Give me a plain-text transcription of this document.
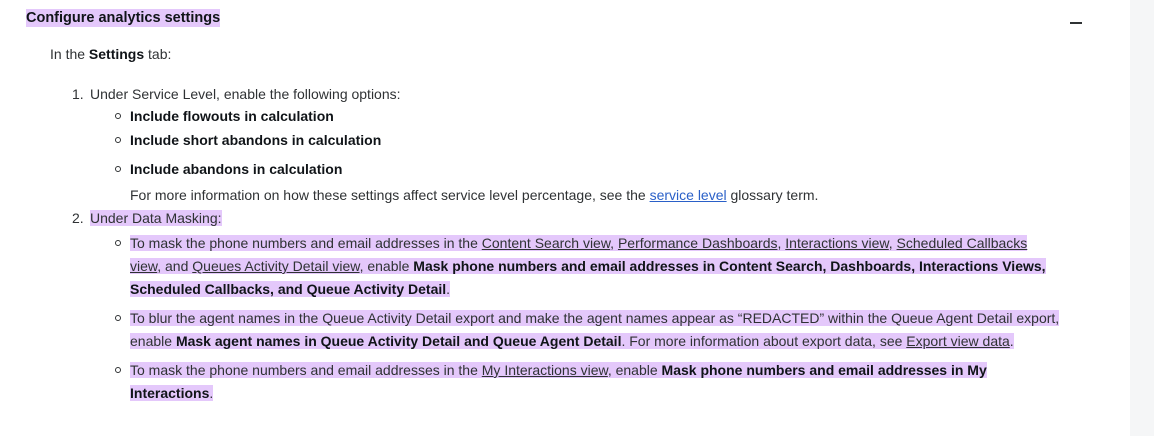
Configure analytics settings
In the Settings tab:
1. Under Service Level, enable the following options:
Include flowouts in calculation
Include short abandons in calculation
Include abandons in calculation
For more information on how these settings affect service level percentage, see the service level glossary term.
2. Under Data Masking:
To mask the phone numbers and email addresses in the Content Search view, Performance Dashboards, Interactions view, Scheduled Callbacks view, and Queues Activity Detail view, enable Mask phone numbers and email addresses in Content Search, Dashboards, Interactions Views, Scheduled Callbacks, and Queue Activity Detail.
To blur the agent names in the Queue Activity Detail export and make the agent names appear as “REDACTED” within the Queue Agent Detail export, enable Mask agent names in Queue Activity Detail and Queue Agent Detail. For more information about export data, see Export view data.
To mask the phone numbers and email addresses in the My Interactions view, enable Mask phone numbers and email addresses in My Interactions.
